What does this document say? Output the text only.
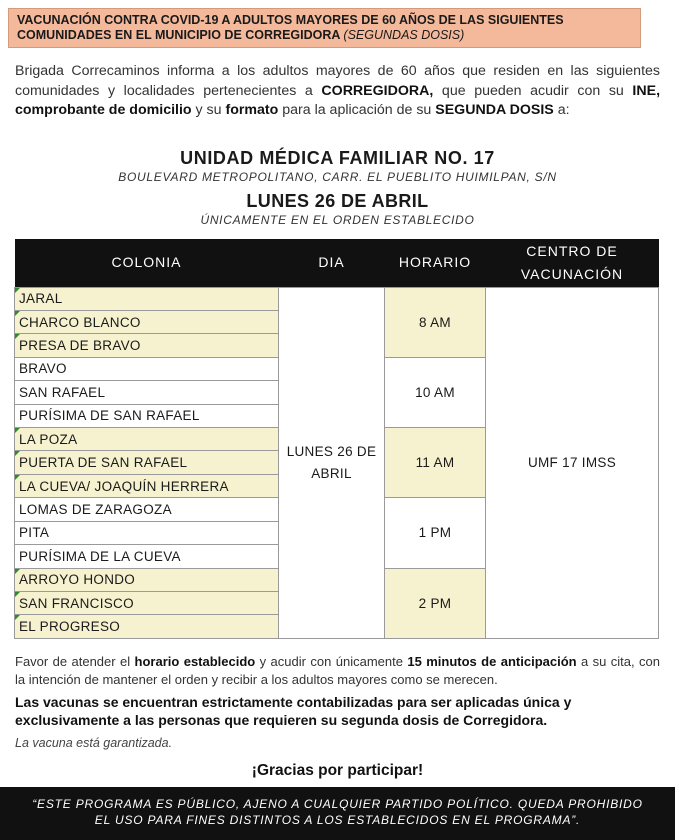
VACUNACIÓN CONTRA COVID-19 A ADULTOS MAYORES DE 60 AÑOS DE LAS SIGUIENTES
COMUNIDADES EN EL MUNICIPIO DE CORREGIDORA (SEGUNDAS DOSIS)

Brigada Correcaminos informa a los adultos mayores de 60 años que residen en las siguientes comunidades y localidades pertenecientes a CORREGIDORA, que pueden acudir con su INE, comprobante de domicilio y su formato para la aplicación de su SEGUNDA DOSIS a:

UNIDAD MÉDICA FAMILIAR NO. 17
BOULEVARD METROPOLITANO, CARR. EL PUEBLITO HUIMILPAN, S/N
LUNES 26 DE ABRIL
ÚNICAMENTE EN EL ORDEN ESTABLECIDO
COLONIA	DIA	HORARIO	CENTRO DE
VACUNACIÓN

JARAL	LUNES 26 DE
ABRIL	8 AM	UMF 17 IMSS
CHARCO BLANCO			
PRESA DE BRAVO			
BRAVO		10 AM	
SAN RAFAEL			
PURÍSIMA DE SAN RAFAEL			
LA POZA		11 AM	
PUERTA DE SAN RAFAEL			
LA CUEVA/ JOAQUÍN HERRERA			
LOMAS DE ZARAGOZA		1 PM	
PITA			
PURÍSIMA DE LA CUEVA			
ARROYO HONDO		2 PM	
SAN FRANCISCO			
EL PROGRESO			

Favor de atender el horario establecido y acudir con únicamente 15 minutos de anticipación a su cita, con la intención de mantener el orden y recibir a los adultos mayores como se merecen.

Las vacunas se encuentran estrictamente contabilizadas para ser aplicadas única y exclusivamente a las personas que requieren su segunda dosis de Corregidora.

La vacuna está garantizada.

¡Gracias por participar!
“ESTE PROGRAMA ES PÚBLICO, AJENO A CUALQUIER PARTIDO POLÍTICO. QUEDA PROHIBIDO
EL USO PARA FINES DISTINTOS A LOS ESTABLECIDOS EN EL PROGRAMA”.
